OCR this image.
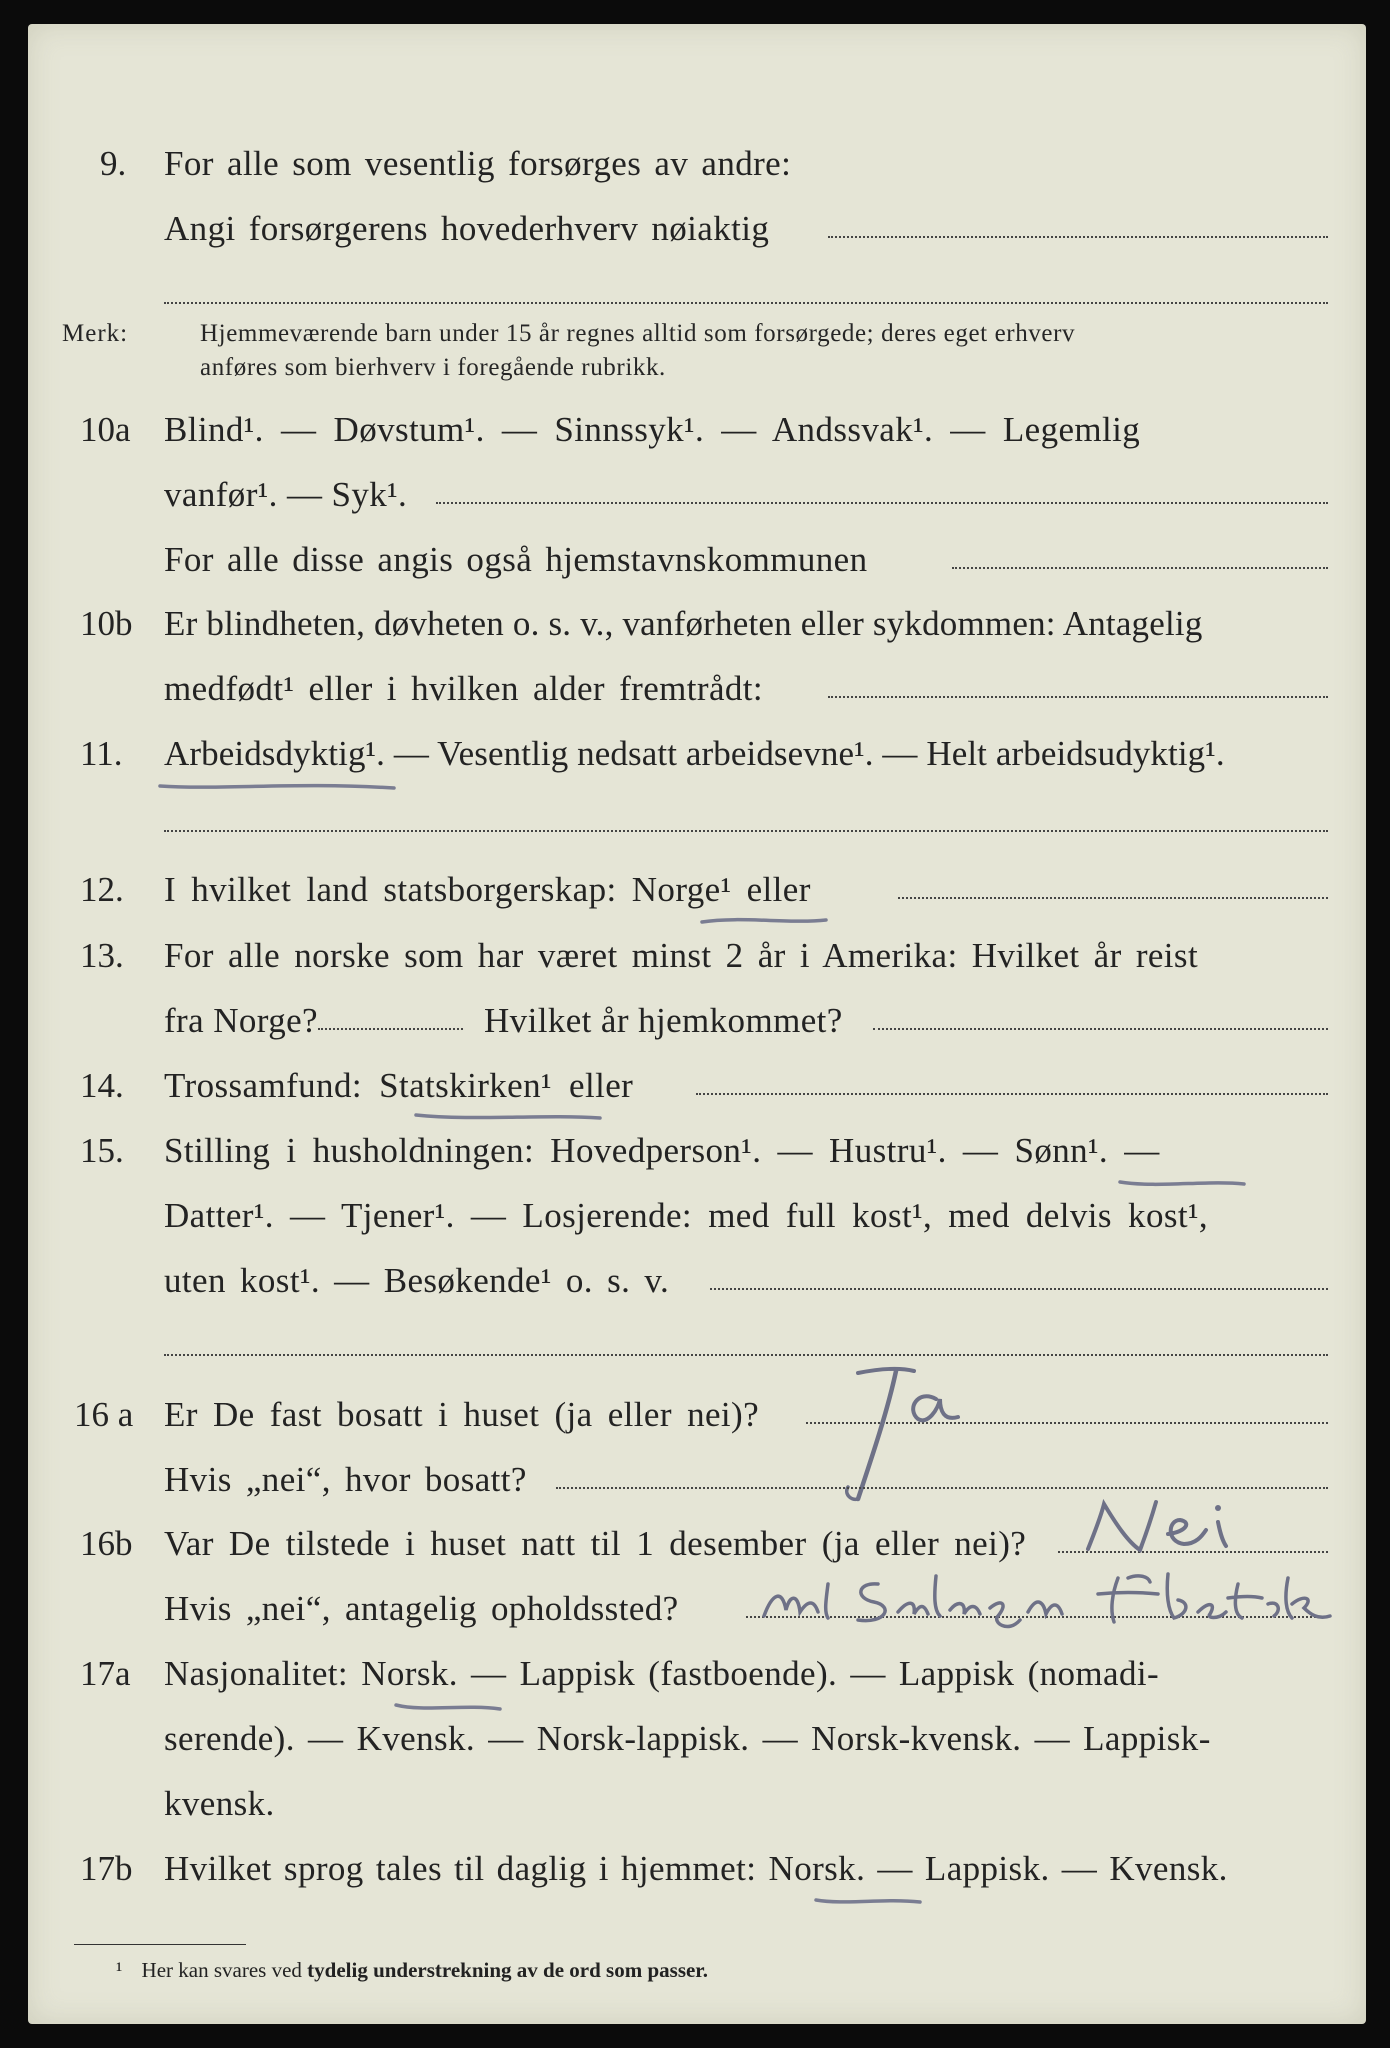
9. For alle som vesentlig forsørges av andre:
Angi forsørgerens hovederhverv nøiaktig
Merk:	Hjemmeværende barn under 15 år regnes alltid som forsørgede; deres eget erhverv
anføres som bierhverv i foregående rubrikk.
10a Blind¹. — Døvstum¹. — Sinnssyk¹. — Andssvak¹. — Legemlig
vanfør¹. — Syk¹.
For alle disse angis også hjemstavnskommunen
10b Er blindheten, døvheten o. s. v., vanførheten eller sykdommen: Antagelig
medfødt¹ eller i hvilken alder fremtrådt:
11. Arbeidsdyktig¹. — Vesentlig nedsatt arbeidsevne¹. — Helt arbeidsudyktig¹.
12. I hvilket land statsborgerskap: Norge¹ eller
13. For alle norske som har været minst 2 år i Amerika: Hvilket år reist
fra Norge?	Hvilket år hjemkommet?
14. Trossamfund: Statskirken¹ eller
15. Stilling i husholdningen: Hovedperson¹. — Hustru¹. — Sønn¹. —
Datter¹. — Tjener¹. — Losjerende: med full kost¹, med delvis kost¹,
uten kost¹. — Besøkende¹ o. s. v.
16 a Er De fast bosatt i huset (ja eller nei)?
Hvis „nei“, hvor bosatt?
16b Var De tilstede i huset natt til 1 desember (ja eller nei)?
Hvis „nei“, antagelig opholdssted?
17a Nasjonalitet: Norsk. — Lappisk (fastboende). — Lappisk (nomadi-
serende). — Kvensk. — Norsk-lappisk. — Norsk-kvensk. — Lappisk-
kvensk.
17b Hvilket sprog tales til daglig i hjemmet: Norsk. — Lappisk. — Kvensk.
¹ Her kan svares ved tydelig understrekning av de ord som passer.
